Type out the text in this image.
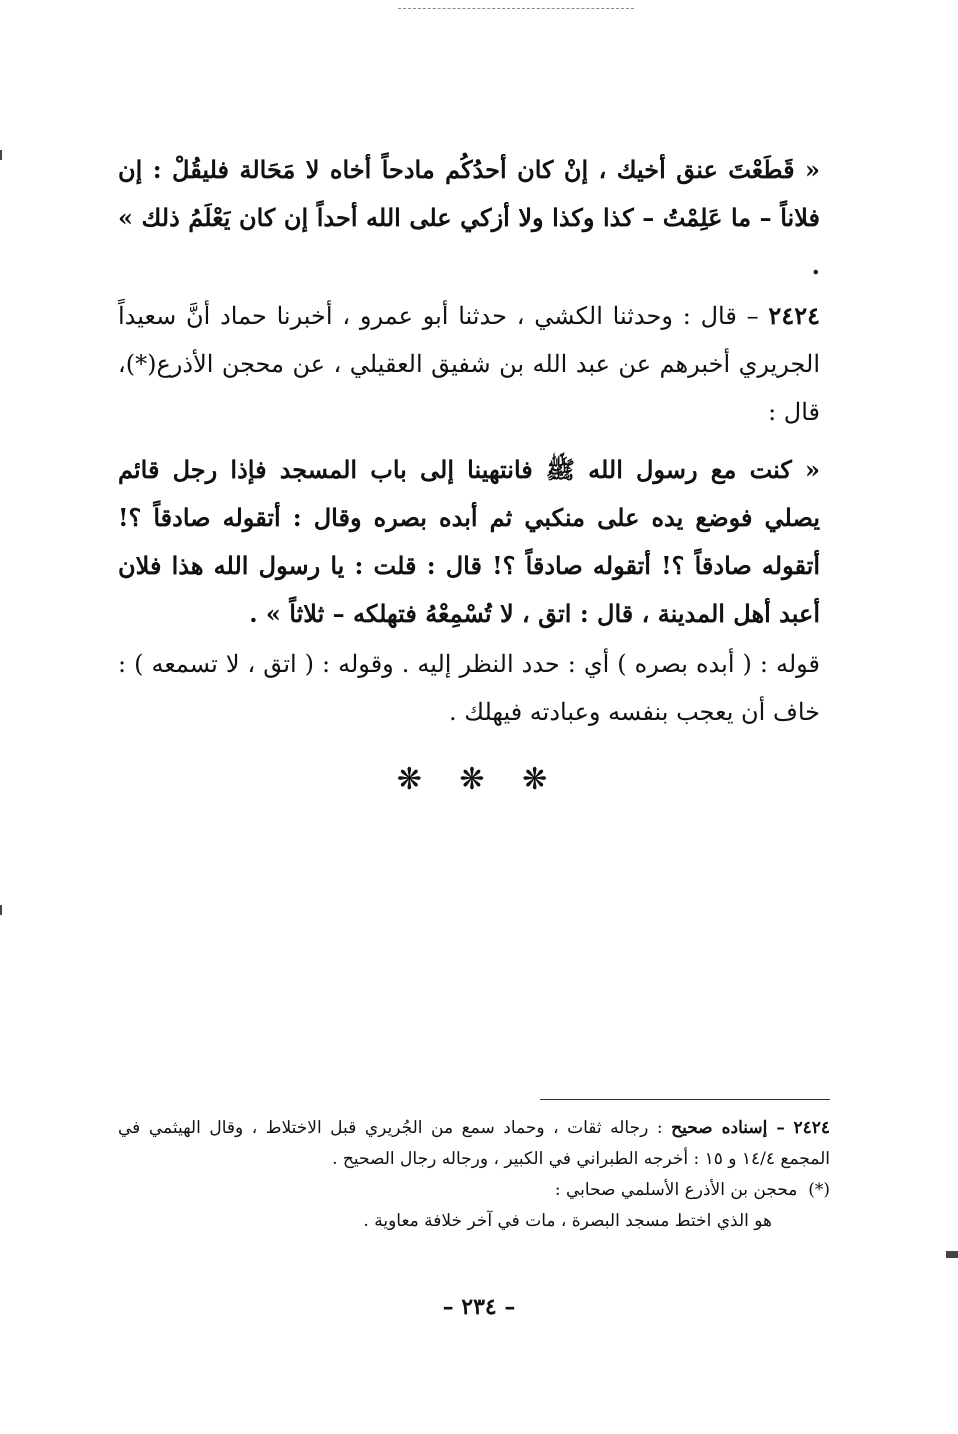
« قَطَعْتَ عنق أخيك ، إنْ كان أحدُكُم مادحاً أخاه لا مَحَالة فليقُلْ : إن فلاناً – ما عَلِمْتُ – كذا وكذا ولا أزكي على الله أحداً إن كان يَعْلَمُ ذلك » .

٢٤٢٤ – قال : وحدثنا الكشي ، حدثنا أبو عمرو ، أخبرنا حماد أنَّ سعيداً الجريري أخبرهم عن عبد الله بن شفيق العقيلي ، عن محجن الأذرع(*)، قال :

« كنت مع رسول الله ﷺ فانتهينا إلى باب المسجد فإذا رجل قائم يصلي فوضع يده على منكبي ثم أبده بصره وقال : أتقوله صادقاً ؟! أتقوله صادقاً ؟! أتقوله صادقاً ؟! قال : قلت : يا رسول الله هذا فلان أعبد أهل المدينة ، قال : اتق ، لا تُسْمِعْهُ فتهلكه – ثلاثاً » .

قوله : ( أبده بصره ) أي : حدد النظر إليه . وقوله : ( اتق ، لا تسمعه ) : خاف أن يعجب بنفسه وعبادته فيهلك .

❋ ❋ ❋

٢٤٢٤ – إسناده صحيح : رجاله ثقات ، وحماد سمع من الجُريري قبل الاختلاط ، وقال الهيثمي في المجمع ١٤/٤ و ١٥ : أخرجه الطبراني في الكبير ، ورجاله رجال الصحيح .

(*)  محجن بن الأذرع الأسلمي صحابي :

هو الذي اختط مسجد البصرة ، مات في آخر خلافة معاوية .

– ٢٣٤ –
